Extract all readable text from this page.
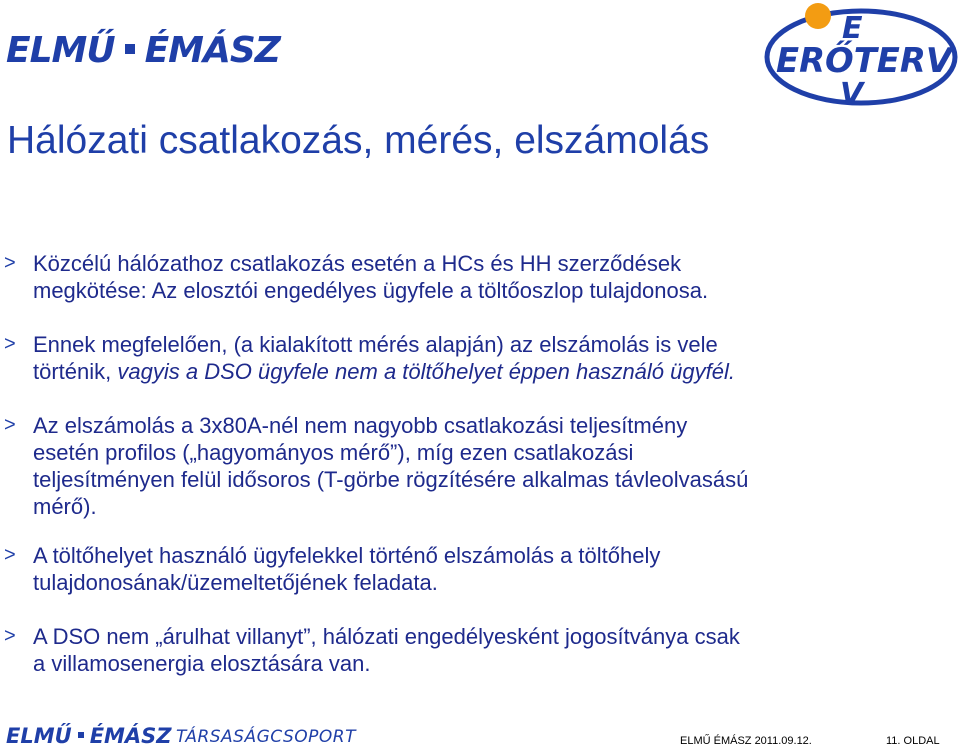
ELMŰ ÉMÁSZ
E
ERŐTERV
V
Hálózati csatlakozás, mérés, elszámolás
> Közcélú hálózathoz csatlakozás esetén a HCs és HH szerződések
megkötése: Az elosztói engedélyes ügyfele a töltőoszlop tulajdonosa.
> Ennek megfelelően, (a kialakított mérés alapján) az elszámolás is vele
történik, vagyis a DSO ügyfele nem a töltőhelyet éppen használó ügyfél.
> Az elszámolás a 3x80A-nél nem nagyobb csatlakozási teljesítmény
esetén profilos („hagyományos mérő”), míg ezen csatlakozási
teljesítményen felül idősoros (T-görbe rögzítésére alkalmas távleolvasású
mérő).
> A töltőhelyet használó ügyfelekkel történő elszámolás a töltőhely
tulajdonosának/üzemeltetőjének feladata.
> A DSO nem „árulhat villanyt”, hálózati engedélyesként jogosítványa csak
a villamosenergia elosztására van.
ELMŰ ÉMÁSZ TÁRSASÁGCSOPORT	ELMŰ ÉMÁSZ 2011.09.12.	11. OLDAL
